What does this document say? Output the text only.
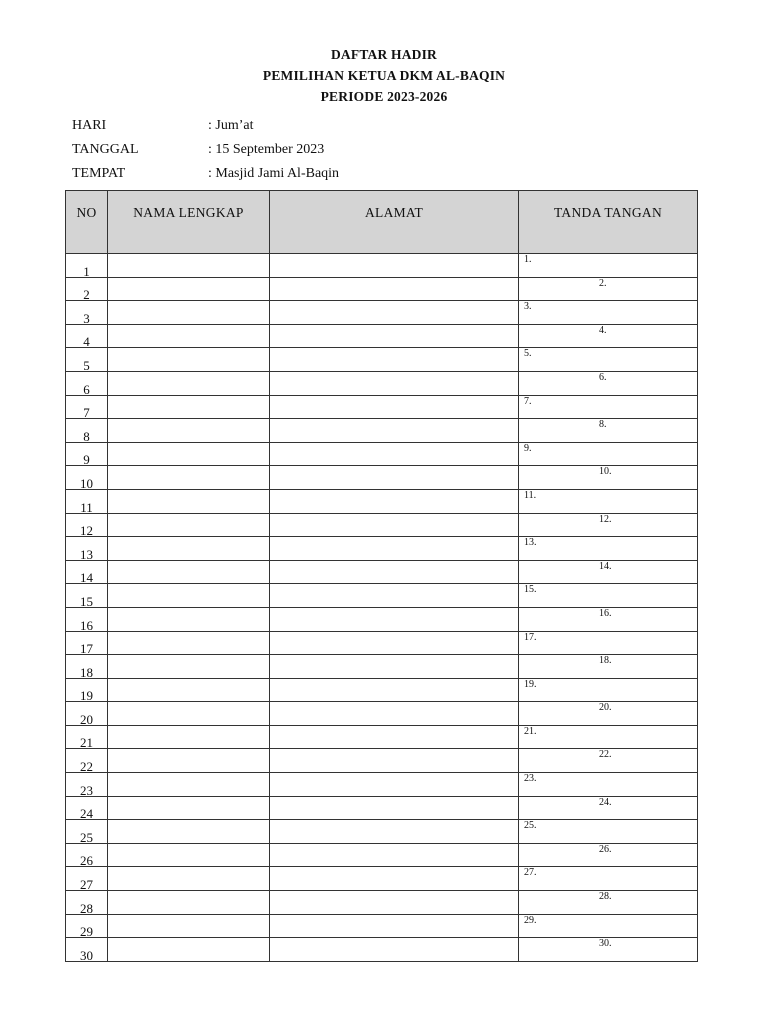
DAFTAR HADIR
PEMILIHAN KETUA DKM AL-BAQIN
PERIODE 2023-2026
HARI	: Jum’at
TANGGAL	: 15 September 2023
TEMPAT	: Masjid Jami Al-Baqin
NO	NAMA LENGKAP	ALAMAT	TANDA TANGAN
1			1.

2			2.

3			3.

4			4.

5			5.

6			6.

7			7.

8			8.

9			9.

10			10.

11			11.

12			12.

13			13.

14			14.

15			15.

16			16.

17			17.

18			18.

19			19.

20			20.

21			21.

22			22.

23			23.

24			24.

25			25.

26			26.

27			27.

28			28.

29			29.

30			30.
